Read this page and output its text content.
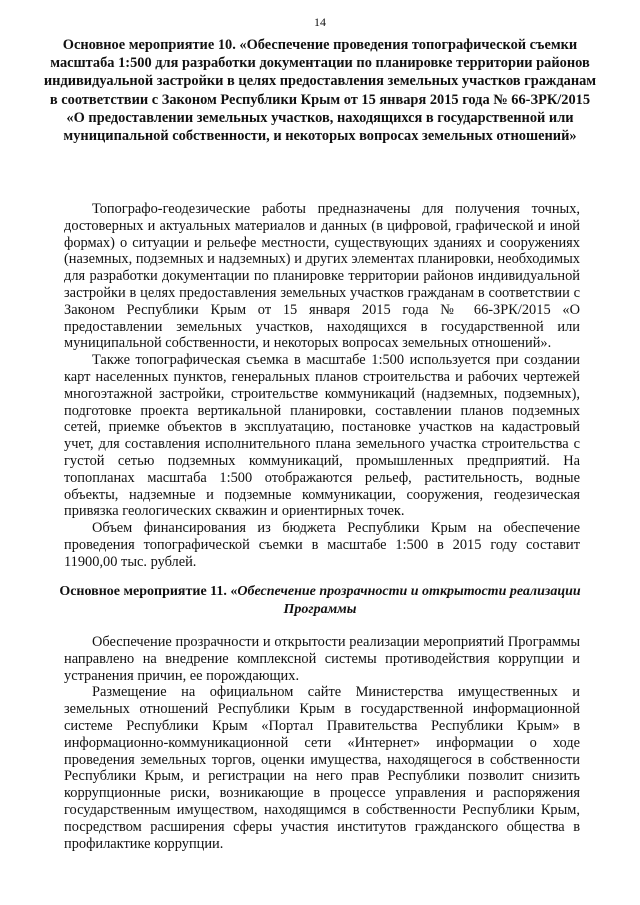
14
Основное мероприятие 10. «Обеспечение проведения топографической съемки масштаба 1:500 для разработки документации по планировке территории районов индивидуальной застройки в целях предоставления земельных участков гражданам в соответствии с Законом Республики Крым от 15 января 2015 года № 66-ЗРК/2015 «О предоставлении земельных участков, находящихся в государственной или муниципальной собственности, и некоторых вопросах земельных отношений»

Топографо-геодезические работы предназначены для получения точных, достоверных и актуальных материалов и данных (в цифровой, графической и иной формах) о ситуации и рельефе местности, существующих зданиях и сооружениях (наземных, подземных и надземных) и других элементах планировки, необходимых для разработки документации по планировке территории районов индивидуальной застройки в целях предоставления земельных участков гражданам в соответствии с Законом Республики Крым от 15 января 2015 года № 66-ЗРК/2015 «О предоставлении земельных участков, находящихся в государственной или муниципальной собственности, и некоторых вопросах земельных отношений».

Также топографическая съемка в масштабе 1:500 используется при создании карт населенных пунктов, генеральных планов строительства и рабочих чертежей многоэтажной застройки, строительстве коммуникаций (надземных, подземных), подготовке проекта вертикальной планировки, составлении планов подземных сетей, приемке объектов в эксплуатацию, постановке участков на кадастровый учет, для составления исполнительного плана земельного участка строительства с густой сетью подземных коммуникаций, промышленных предприятий. На топопланах масштаба 1:500 отображаются рельеф, растительность, водные объекты, надземные и подземные коммуникации, сооружения, геодезическая привязка геологических скважин и ориентирных точек.

Объем финансирования из бюджета Республики Крым на обеспечение проведения топографической съемки в масштабе 1:500 в 2015 году составит 11900,00 тыс. рублей.

Основное мероприятие 11. «Обеспечение прозрачности и открытости реализации Программы

Обеспечение прозрачности и открытости реализации мероприятий Программы направлено на внедрение комплексной системы противодействия коррупции и устранения причин, ее порождающих.

Размещение на официальном сайте Министерства имущественных и земельных отношений Республики Крым в государственной информационной системе Республики Крым «Портал Правительства Республики Крым» в информационно-коммуникационной сети «Интернет» информации о ходе проведения земельных торгов, оценки имущества, находящегося в собственности Республики Крым, и регистрации на него прав Республики позволит снизить коррупционные риски, возникающие в процессе управления и распоряжения государственным имуществом, находящимся в собственности Республики Крым, посредством расширения сферы участия институтов гражданского общества в профилактике коррупции.
